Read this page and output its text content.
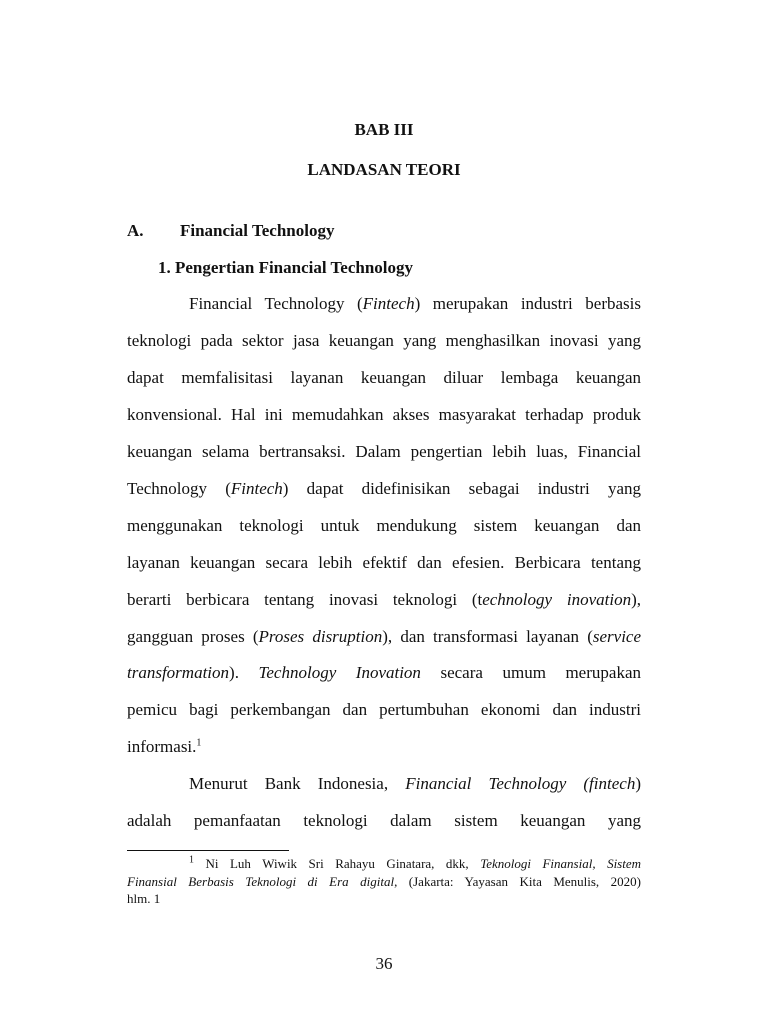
BAB III
LANDASAN TEORI
A. Financial Technology
1. Pengertian Financial Technology
Financial Technology (Fintech) merupakan industri berbasis
teknologi pada sektor jasa keuangan yang menghasilkan inovasi yang
dapat memfalisitasi layanan keuangan diluar lembaga keuangan
konvensional. Hal ini memudahkan akses masyarakat terhadap produk
keuangan selama bertransaksi. Dalam pengertian lebih luas, Financial
Technology (Fintech) dapat didefinisikan sebagai industri yang
menggunakan teknologi untuk mendukung sistem keuangan dan
layanan keuangan secara lebih efektif dan efesien. Berbicara tentang
berarti berbicara tentang inovasi teknologi (technology inovation),
gangguan proses (Proses disruption), dan transformasi layanan (service
transformation). Technology Inovation secara umum merupakan
pemicu bagi perkembangan dan pertumbuhan ekonomi dan industri
informasi.$^1$
Menurut Bank Indonesia, Financial Technology (fintech)
adalah pemanfaatan teknologi dalam sistem keuangan yang
$^1$ Ni Luh Wiwik Sri Rahayu Ginatara, dkk, Teknologi Finansial, Sistem
Finansial Berbasis Teknologi di Era digital, (Jakarta: Yayasan Kita Menulis, 2020)
hlm. 1
36
